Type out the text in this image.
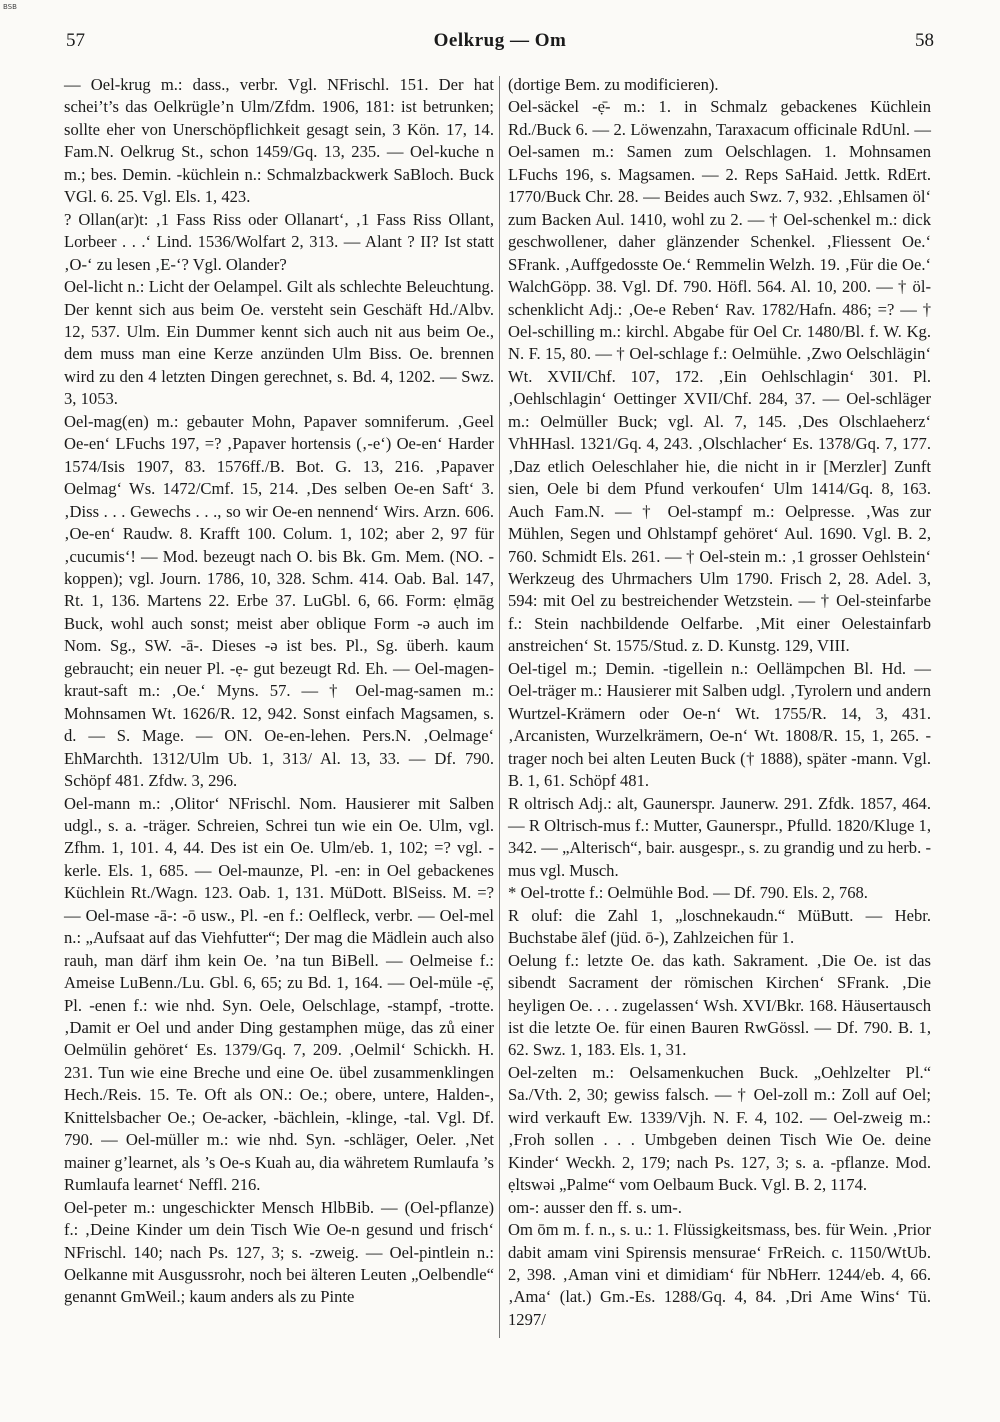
BSB
57	Oelkrug — Om	58

— Oel-krug m.: dass., verbr. Vgl. NFrischl. 151. Der hat schei’t’s das Oelkrügle’n Ulm/Zfdm. 1906, 181: ist betrunken; sollte eher von Unerschöpflichkeit gesagt sein, 3 Kön. 17, 14. Fam.N. Oelkrug St., schon 1459/Gq. 13, 235. — Oel-kuche n m.; bes. Demin. -küchlein n.: Schmalzbackwerk SaBloch. Buck VGl. 6. 25. Vgl. Els. 1, 423.

? Ollan(ar)t: ‚1 Fass Riss oder Ollanart‘, ‚1 Fass Riss Ollant, Lorbeer . . .‘ Lind. 1536/Wolfart 2, 313. — Alant ? II? Ist statt ‚O-‘ zu lesen ‚E-‘? Vgl. Olander?

Oel-licht n.: Licht der Oelampel. Gilt als schlechte Beleuchtung. Der kennt sich aus beim Oe. versteht sein Geschäft Hd./Albv. 12, 537. Ulm. Ein Dummer kennt sich auch nit aus beim Oe., dem muss man eine Kerze anzünden Ulm Biss. Oe. brennen wird zu den 4 letzten Dingen gerechnet, s. Bd. 4, 1202. — Swz. 3, 1053.

Oel-mag(en) m.: gebauter Mohn, Papaver somniferum. ‚Geel Oe-en‘ LFuchs 197, =? ‚Papaver hortensis (‚-e‘) Oe-en‘ Harder 1574/Isis 1907, 83. 1576ff./B. Bot. G. 13, 216. ‚Papaver Oelmag‘ Ws. 1472/Cmf. 15, 214. ‚Des selben Oe-en Saft‘ 3. ‚Diss . . . Gewechs . . ., so wir Oe-en nennend‘ Wirs. Arzn. 606. ‚Oe-en‘ Raudw. 8. Krafft 100. Colum. 1, 102; aber 2, 97 für ‚cucumis‘! — Mod. bezeugt nach O. bis Bk. Gm. Mem. (NO. -koppen); vgl. Journ. 1786, 10, 328. Schm. 414. Oab. Bal. 147, Rt. 1, 136. Martens 22. Erbe 37. LuGbl. 6, 66. Form: ẹlmāg Buck, wohl auch sonst; meist aber oblique Form -ə auch im Nom. Sg., SW. -ā-. Dieses -ə ist bes. Pl., Sg. überh. kaum gebraucht; ein neuer Pl. -ẹ- gut bezeugt Rd. Eh. — Oel-magen-kraut-saft m.: ‚Oe.‘ Myns. 57. — † Oel-mag-samen m.: Mohnsamen Wt. 1626/R. 12, 942. Sonst einfach Magsamen, s. d. — S. Mage. — ON. Oe-en-lehen. Pers.N. ‚Oelmage‘ EhMarchth. 1312/Ulm Ub. 1, 313/ Al. 13, 33. — Df. 790. Schöpf 481. Zfdw. 3, 296.

Oel-mann m.: ‚Olitor‘ NFrischl. Nom. Hausierer mit Salben udgl., s. a. -träger. Schreien, Schrei tun wie ein Oe. Ulm, vgl. Zfhm. 1, 101. 4, 44. Des ist ein Oe. Ulm/eb. 1, 102; =? vgl. -kerle. Els. 1, 685. — Oel-maunze, Pl. -en: in Oel gebackenes Küchlein Rt./Wagn. 123. Oab. 1, 131. MüDott. BlSeiss. M. =? — Oel-mase -ā-: -ō usw., Pl. -en f.: Oelfleck, verbr. — Oel-mel n.: „Aufsaat auf das Viehfutter“; Der mag die Mädlein auch also rauh, man därf ihm kein Oe. ’na tun BiBell. — Oelmeise f.: Ameise LuBenn./Lu. Gbl. 6, 65; zu Bd. 1, 164. — Oel-müle -ẹ̄, Pl. -enen f.: wie nhd. Syn. Oele, Oelschlage, -stampf, -trotte. ‚Damit er Oel und ander Ding gestamphen müge, das zů einer Oelmülin gehöret‘ Es. 1379/Gq. 7, 209. ‚Oelmil‘ Schickh. H. 231. Tun wie eine Breche und eine Oe. übel zusammenklingen Hech./Reis. 15. Te. Oft als ON.: Oe.; obere, untere, Halden-, Knittelsbacher Oe.; Oe-acker, -bächlein, -klinge, -tal. Vgl. Df. 790. — Oel-müller m.: wie nhd. Syn. -schläger, Oeler. ‚Net mainer g’learnet, als ’s Oe-s Kuah au, dia währetem Rumlaufa ’s Rumlaufa learnet‘ Neffl. 216.

Oel-peter m.: ungeschickter Mensch HlbBib. — (Oel-pflanze) f.: ‚Deine Kinder um dein Tisch Wie Oe-n gesund und frisch‘ NFrischl. 140; nach Ps. 127, 3; s. -zweig. — Oel-pintlein n.: Oelkanne mit Ausgussrohr, noch bei älteren Leuten „Oelbendle“ genannt GmWeil.; kaum anders als zu Pinte

(dortige Bem. zu modificieren).

Oel-säckel -ẹ̄- m.: 1. in Schmalz gebackenes Küchlein Rd./Buck 6. — 2. Löwenzahn, Taraxacum officinale RdUnl. — Oel-samen m.: Samen zum Oelschlagen. 1. Mohnsamen LFuchs 196, s. Magsamen. — 2. Reps SaHaid. Jettk. RdErt. 1770/Buck Chr. 28. — Beides auch Swz. 7, 932. ‚Ehlsamen öl‘ zum Backen Aul. 1410, wohl zu 2. — † Oel-schenkel m.: dick geschwollener, daher glänzender Schenkel. ‚Fliessent Oe.‘ SFrank. ‚Auffgedosste Oe.‘ Remmelin Welzh. 19. ‚Für die Oe.‘ WalchGöpp. 38. Vgl. Df. 790. Höfl. 564. Al. 10, 200. — † öl-schenklicht Adj.: ‚Oe-e Reben‘ Rav. 1782/Hafn. 486; =? — † Oel-schilling m.: kirchl. Abgabe für Oel Cr. 1480/Bl. f. W. Kg. N. F. 15, 80. — † Oel-schlage f.: Oelmühle. ‚Zwo Oelschlägin‘ Wt. XVII/Chf. 107, 172. ‚Ein Oehlschlagin‘ 301. Pl. ‚Oehlschlagin‘ Oettinger XVII/Chf. 284, 37. — Oel-schläger m.: Oelmüller Buck; vgl. Al. 7, 145. ‚Des Olschlaeherz‘ VhHHasl. 1321/Gq. 4, 243. ‚Olschlacher‘ Es. 1378/Gq. 7, 177. ‚Daz etlich Oeleschlaher hie, die nicht in ir [Merzler] Zunft sien, Oele bi dem Pfund verkoufen‘ Ulm 1414/Gq. 8, 163. Auch Fam.N. — † Oel-stampf m.: Oelpresse. ‚Was zur Mühlen, Segen und Ohlstampf gehöret‘ Aul. 1690. Vgl. B. 2, 760. Schmidt Els. 261. — † Oel-stein m.: ‚1 grosser Oehlstein‘ Werkzeug des Uhrmachers Ulm 1790. Frisch 2, 28. Adel. 3, 594: mit Oel zu bestreichender Wetzstein. — † Oel-steinfarbe f.: Stein nachbildende Oelfarbe. ‚Mit einer Oelestainfarb anstreichen‘ St. 1575/Stud. z. D. Kunstg. 129, VIII.

Oel-tigel m.; Demin. -tigellein n.: Oellämpchen Bl. Hd. — Oel-träger m.: Hausierer mit Salben udgl. ‚Tyrolern und andern Wurtzel-Krämern oder Oe-n‘ Wt. 1755/R. 14, 3, 431. ‚Arcanisten, Wurzelkrämern, Oe-n‘ Wt. 1808/R. 15, 1, 265. -trager noch bei alten Leuten Buck († 1888), später -mann. Vgl. B. 1, 61. Schöpf 481.

R oltrisch Adj.: alt, Gaunerspr. Jaunerw. 291. Zfdk. 1857, 464. — R Oltrisch-mus f.: Mutter, Gaunerspr., Pfulld. 1820/Kluge 1, 342. — „Alterisch“, bair. ausgespr., s. zu grandig und zu herb. -mus vgl. Musch.

* Oel-trotte f.: Oelmühle Bod. — Df. 790. Els. 2, 768.

R oluf: die Zahl 1, „loschnekaudn.“ MüButt. — Hebr. Buchstabe ālef (jüd. ō-), Zahlzeichen für 1.

Oelung f.: letzte Oe. das kath. Sakrament. ‚Die Oe. ist das sibendt Sacrament der römischen Kirchen‘ SFrank. ‚Die heyligen Oe. . . . zugelassen‘ Wsh. XVI/Bkr. 168. Häusertausch ist die letzte Oe. für einen Bauren RwGössl. — Df. 790. B. 1, 62. Swz. 1, 183. Els. 1, 31.

Oel-zelten m.: Oelsamenkuchen Buck. „Oehlzelter Pl.“ Sa./Vth. 2, 30; gewiss falsch. — † Oel-zoll m.: Zoll auf Oel; wird verkauft Ew. 1339/Vjh. N. F. 4, 102. — Oel-zweig m.: ‚Froh sollen . . . Umbgeben deinen Tisch Wie Oe. deine Kinder‘ Weckh. 2, 179; nach Ps. 127, 3; s. a. -pflanze. Mod. ẹltswəi „Palme“ vom Oelbaum Buck. Vgl. B. 2, 1174.

om-: ausser den ff. s. um-.

Om ōm m. f. n., s. u.: 1. Flüssigkeitsmass, bes. für Wein. ‚Prior dabit amam vini Spirensis mensurae‘ FrReich. c. 1150/WtUb. 2, 398. ‚Aman vini et dimidiam‘ für NbHerr. 1244/eb. 4, 66. ‚Ama‘ (lat.) Gm.-Es. 1288/Gq. 4, 84. ‚Dri Ame Wins‘ Tü. 1297/
